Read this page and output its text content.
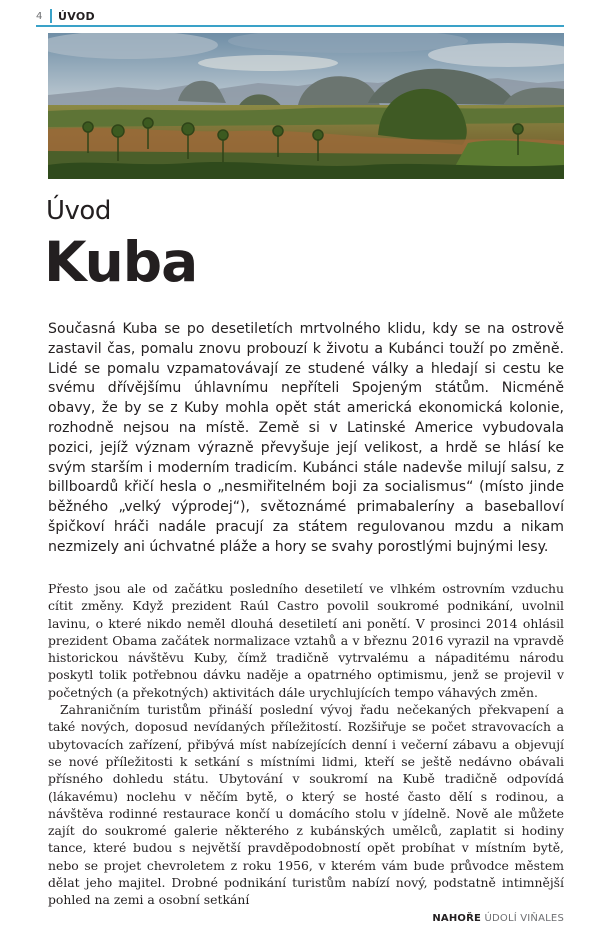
4	ÚVOD
Úvod
Kuba

Současná Kuba se po desetiletích mrtvolného klidu, kdy se na ostrově zastavil čas, pomalu znovu probouzí k životu a Kubánci touží po změně. Lidé se pomalu vzpamatovávají ze studené války a hledají si cestu ke svému dřívějšímu úhlavnímu nepříteli Spojeným státům. Nicméně obavy, že by se z Kuby mohla opět stát americká ekonomická kolonie, rozhodně nejsou na místě. Země si v Latinské Americe vybudovala pozici, jejíž význam výrazně převyšuje její velikost, a hrdě se hlásí ke svým starším i moderním tradicím. Kubánci stále nadevše milují salsu, z billboardů křičí hesla o „nesmiřitelném boji za socialismus“ (místo jinde běžného „velký výprodej“), světoznámé primabaleríny a baseballoví špičkoví hráči nadále pracují za státem regulovanou mzdu a nikam nezmizely ani úchvatné pláže a hory se svahy porostlými bujnými lesy.

Přesto jsou ale od začátku posledního desetiletí ve vlhkém ostrovním vzduchu cítit změny. Když prezident Raúl Castro povolil soukromé podnikání, uvolnil lavinu, o které nikdo neměl dlouhá desetiletí ani ponětí. V prosinci 2014 ohlásil prezident Obama začátek normalizace vztahů a v březnu 2016 vyrazil na vpravdě historickou návštěvu Kuby, čímž tradičně vytrvalému a nápaditému národu poskytl tolik potřebnou dávku naděje a opatrného optimismu, jenž se projevil v početných (a překotných) aktivitách dále urychlujících tempo váhavých změn.

Zahraničním turistům přináší poslední vývoj řadu nečekaných překvapení a také nových, doposud nevídaných příležitostí. Rozšiřuje se počet stravovacích a ubytovacích zařízení, přibývá míst nabízejících denní i večerní zábavu a objevují se nové příležitosti k setkání s místními lidmi, kteří se ještě nedávno obávali přísného dohledu státu. Ubytování v soukromí na Kubě tradičně odpovídá (lákavému) noclehu v něčím bytě, o který se hosté často dělí s rodinou, a návštěva rodinné restaurace končí u domácího stolu v jídelně. Nově ale můžete zajít do soukromé galerie některého z kubánských umělců, zaplatit si hodiny tance, které budou s největší pravděpodobností opět probíhat v místním bytě, nebo se projet chevroletem z roku 1956, v kterém vám bude průvodce městem dělat jeho majitel. Drobné podnikání turistům nabízí nový, podstatně intimnější pohled na zemi a osobní setkání

NAHOŘE ÚDOLÍ VIŇALES
